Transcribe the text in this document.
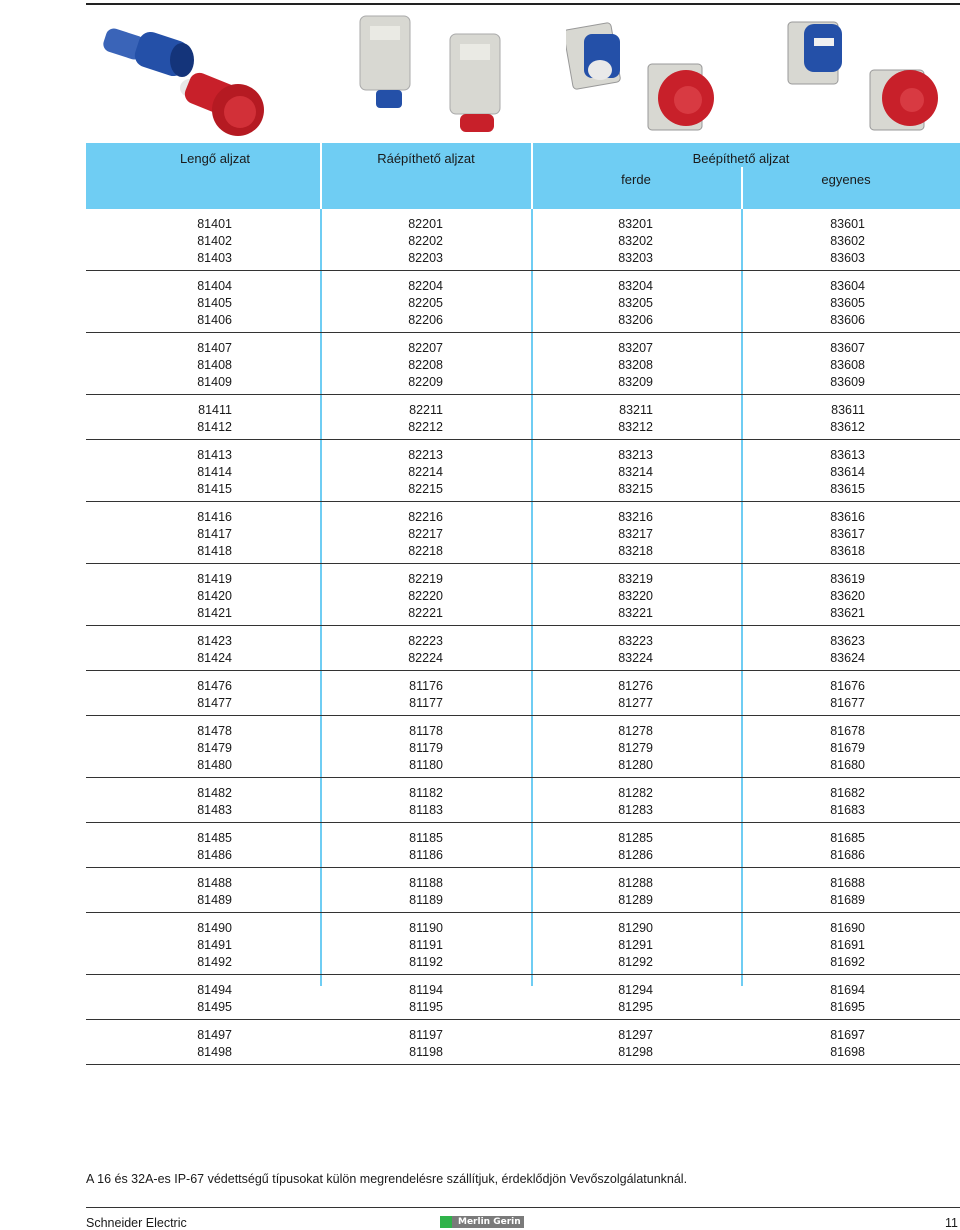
Lengő aljzat	Ráépíthető aljzat	Beépíthető aljzat
ferde	egyenes
81401	82201	83201	83601
81402	82202	83202	83602
81403	82203	83203	83603
81404	82204	83204	83604
81405	82205	83205	83605
81406	82206	83206	83606
81407	82207	83207	83607
81408	82208	83208	83608
81409	82209	83209	83609
81411	82211	83211	83611
81412	82212	83212	83612
81413	82213	83213	83613
81414	82214	83214	83614
81415	82215	83215	83615
81416	82216	83216	83616
81417	82217	83217	83617
81418	82218	83218	83618
81419	82219	83219	83619
81420	82220	83220	83620
81421	82221	83221	83621
81423	82223	83223	83623
81424	82224	83224	83624
81476	81176	81276	81676
81477	81177	81277	81677
81478	81178	81278	81678
81479	81179	81279	81679
81480	81180	81280	81680
81482	81182	81282	81682
81483	81183	81283	81683
81485	81185	81285	81685
81486	81186	81286	81686
81488	81188	81288	81688
81489	81189	81289	81689
81490	81190	81290	81690
81491	81191	81291	81691
81492	81192	81292	81692
81494	81194	81294	81694
81495	81195	81295	81695
81497	81197	81297	81697
81498	81198	81298	81698
A 16 és 32A-es IP-67 védettségű típusokat külön megrendelésre szállítjuk, érdeklődjön Vevőszolgálatunknál.
Schneider Electric	Merlin Gerin	11
